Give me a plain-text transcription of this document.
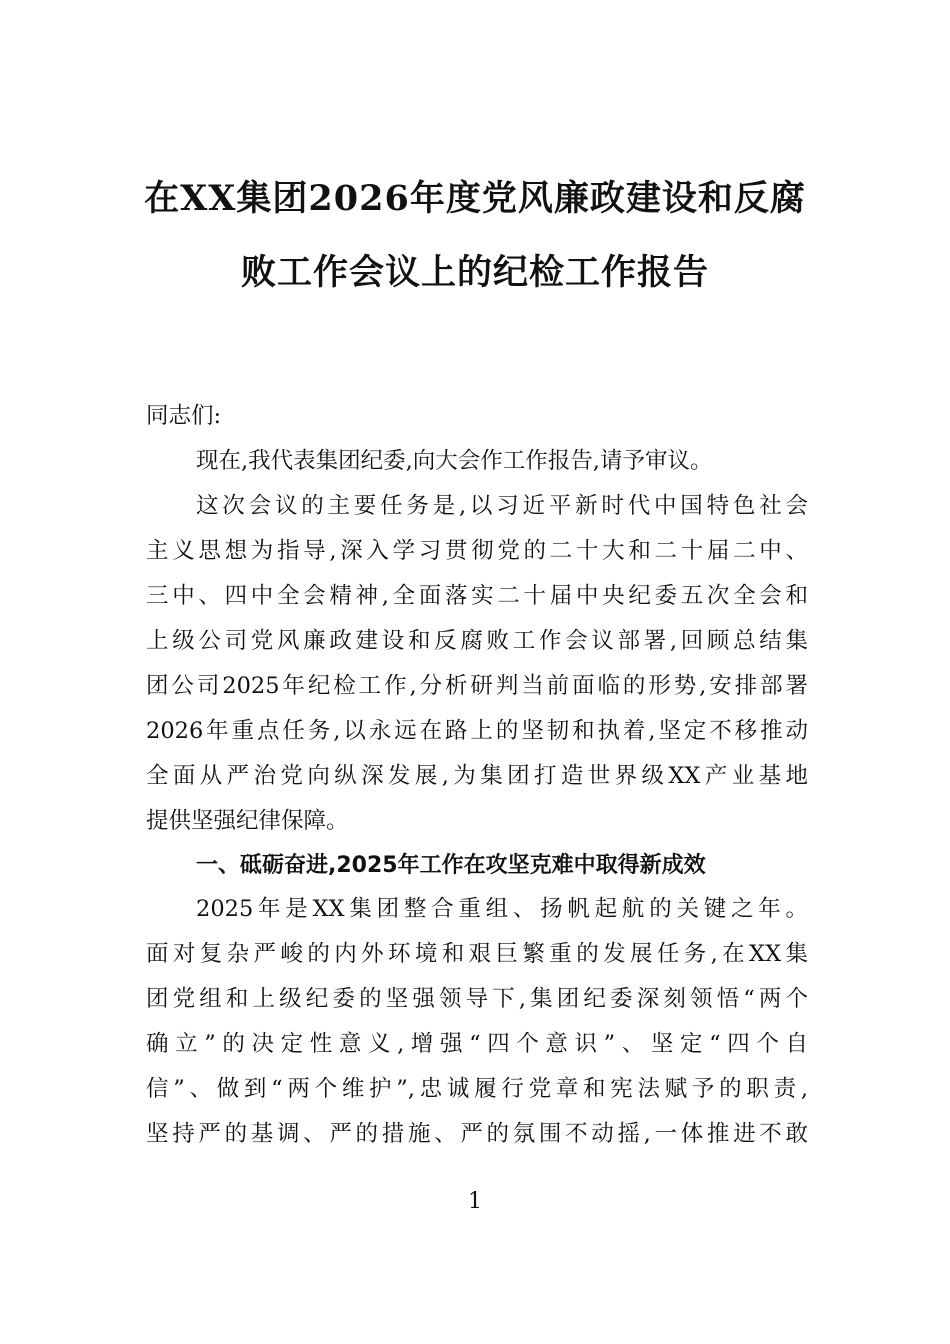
在XX集团2026年度党风廉政建设和反腐败工作会议上的纪检工作报告
同志们:
现在,我代表集团纪委,向大会作工作报告,请予审议。
这次会议的主要任务是,以习近平新时代中国特色社会
主义思想为指导,深入学习贯彻党的二十大和二十届二中、
三中、四中全会精神,全面落实二十届中央纪委五次全会和
上级公司党风廉政建设和反腐败工作会议部署,回顾总结集
团公司2025年纪检工作,分析研判当前面临的形势,安排部署
2026年重点任务,以永远在路上的坚韧和执着,坚定不移推动
全面从严治党向纵深发展,为集团打造世界级XX产业基地
提供坚强纪律保障。
一、砥砺奋进,2025年工作在攻坚克难中取得新成效
2025年是XX集团整合重组、扬帆起航的关键之年。
面对复杂严峻的内外环境和艰巨繁重的发展任务,在XX集
团党组和上级纪委的坚强领导下,集团纪委深刻领悟“两个
确立”的决定性意义,增强“四个意识”、坚定“四个自
信”、做到“两个维护”,忠诚履行党章和宪法赋予的职责,
坚持严的基调、严的措施、严的氛围不动摇,一体推进不敢
1
